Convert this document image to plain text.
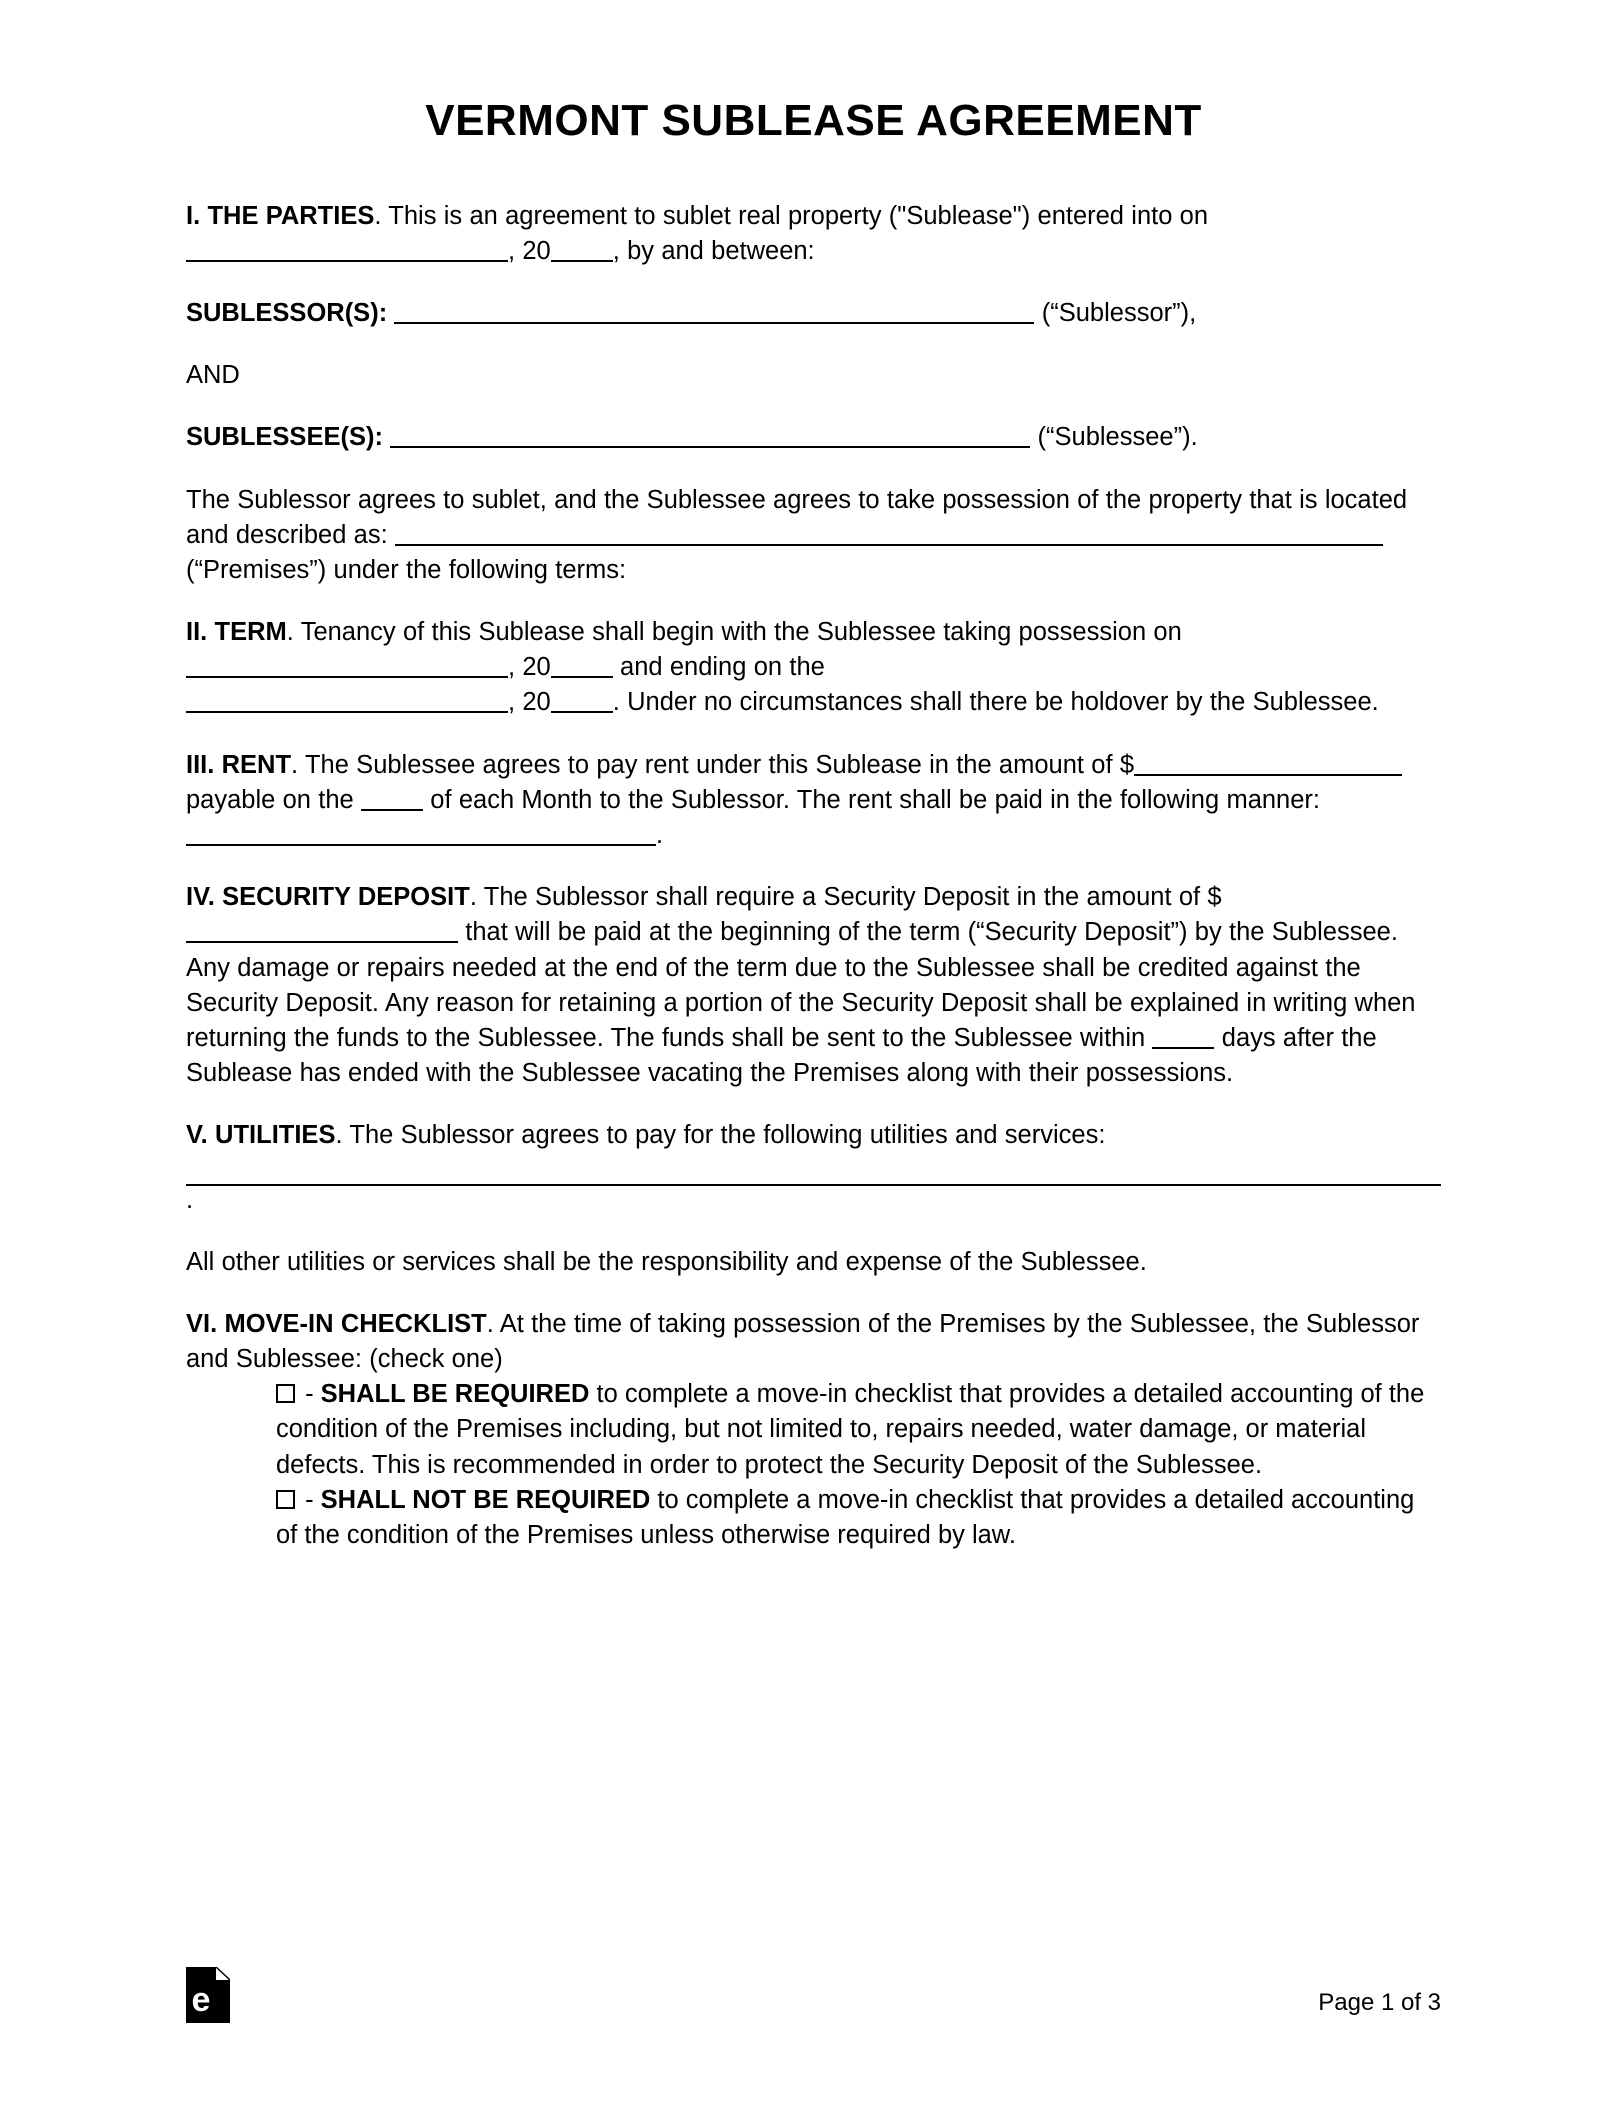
VERMONT SUBLEASE AGREEMENT

I. THE PARTIES. This is an agreement to sublet real property ("Sublease") entered into on , 20 , by and between:

SUBLESSOR(S):	(“Sublessor”),

AND

SUBLESSEE(S):	(“Sublessee”).

The Sublessor agrees to sublet, and the Sublessee agrees to take possession of the property that is located and described as:  (“Premises”) under the following terms:

II. TERM. Tenancy of this Sublease shall begin with the Sublessee taking possession on , 20 and ending on the
, 20 . Under no circumstances shall there be holdover by the Sublessee.

III. RENT. The Sublessee agrees to pay rent under this Sublease in the amount of $ payable on the  of each Month to the Sublessor. The rent shall be paid in the following manner: .

IV. SECURITY DEPOSIT. The Sublessor shall require a Security Deposit in the amount of $ that will be paid at the beginning of the term (“Security Deposit”) by the Sublessee. Any damage or repairs needed at the end of the term due to the Sublessee shall be credited against the Security Deposit. Any reason for retaining a portion of the Security Deposit shall be explained in writing when returning the funds to the Sublessee. The funds shall be sent to the Sublessee within  days after the Sublease has ended with the Sublessee vacating the Premises along with their possessions.

V. UTILITIES. The Sublessor agrees to pay for the following utilities and services:
.

All other utilities or services shall be the responsibility and expense of the Sublessee.

VI. MOVE-IN CHECKLIST. At the time of taking possession of the Premises by the Sublessee, the Sublessor and Sublessee: (check one)

- SHALL BE REQUIRED to complete a move-in checklist that provides a detailed accounting of the condition of the Premises including, but not limited to, repairs needed, water damage, or material defects. This is recommended in order to protect the Security Deposit of the Sublessee.

- SHALL NOT BE REQUIRED to complete a move-in checklist that provides a detailed accounting of the condition of the Premises unless otherwise required by law.

e	Page 1 of 3
